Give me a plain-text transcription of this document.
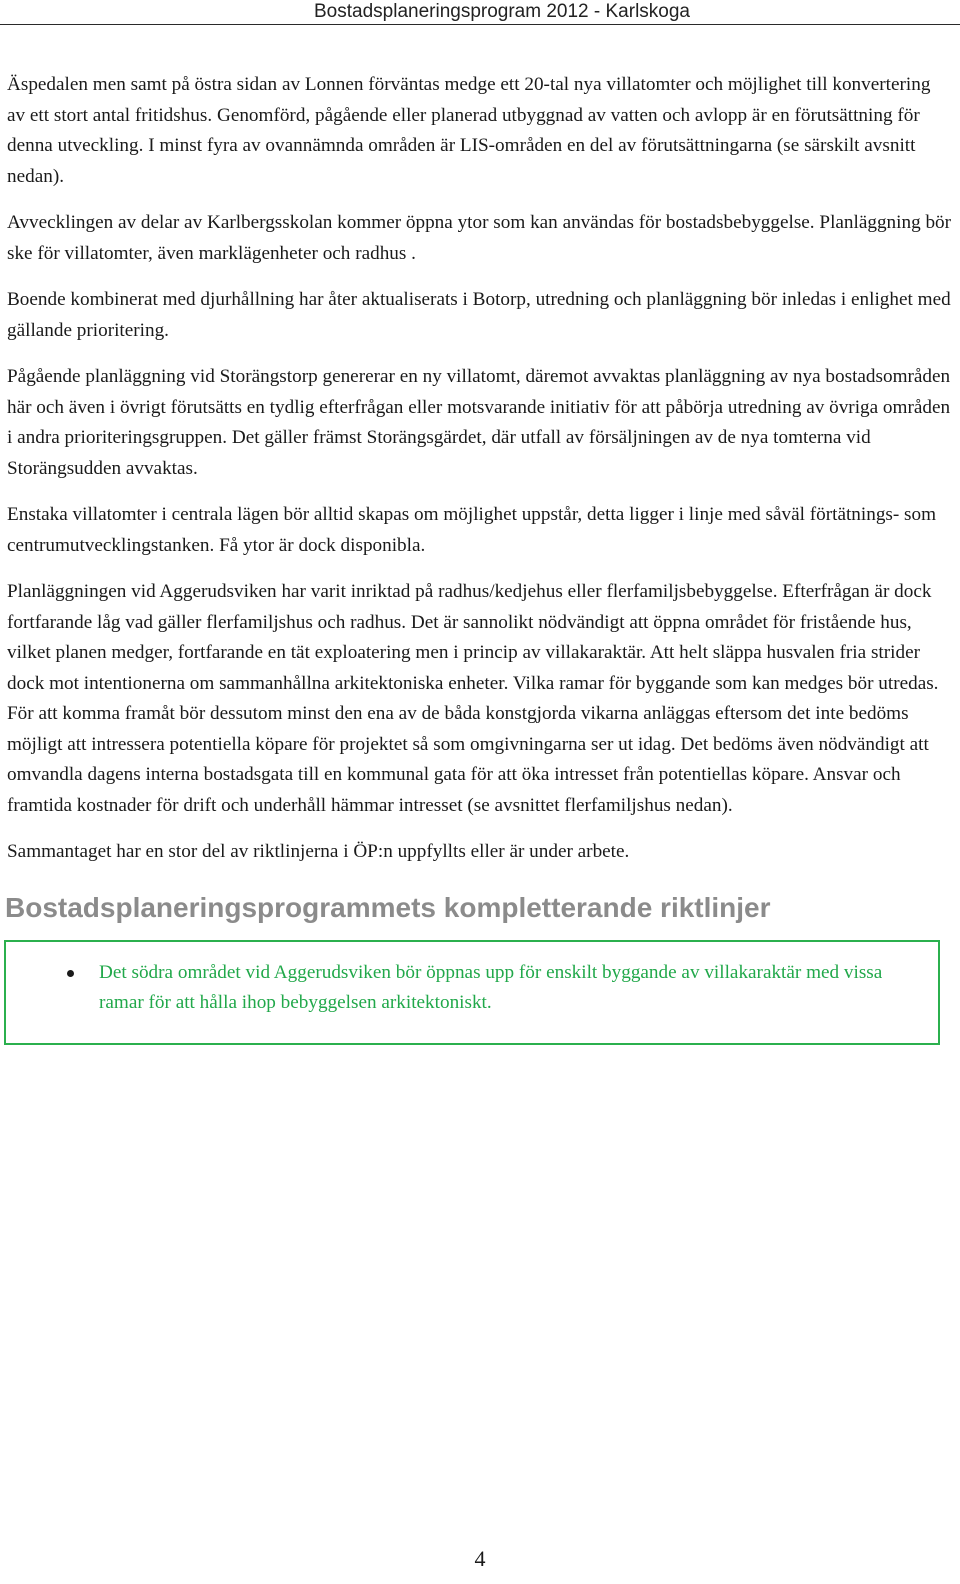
Bostadsplaneringsprogram 2012 - Karlskoga

Äspedalen men samt på östra sidan av Lonnen förväntas medge ett 20-tal nya villatomter och möjlighet till konvertering av ett stort antal fritidshus. Genomförd, pågående eller planerad utbyggnad av vatten och avlopp är en förutsättning för denna utveckling. I minst fyra av ovannämnda områden är LIS-områden en del av förutsättningarna (se särskilt avsnitt nedan).

Avvecklingen av delar av Karlbergsskolan kommer öppna ytor som kan användas för bostadsbebyggelse. Planläggning bör ske för villatomter, även marklägenheter och radhus .

Boende kombinerat med djurhållning har åter aktualiserats i Botorp, utredning och planläggning bör inledas i enlighet med gällande prioritering.

Pågående planläggning vid Storängstorp genererar en ny villatomt, däremot avvaktas planläggning av nya bostadsområden här och även i övrigt förutsätts en tydlig efterfrågan eller motsvarande initiativ för att påbörja utredning av övriga områden i andra prioriteringsgruppen. Det gäller främst Storängsgärdet, där utfall av försäljningen av de nya tomterna vid Storängsudden avvaktas.

Enstaka villatomter i centrala lägen bör alltid skapas om möjlighet uppstår, detta ligger i linje med såväl förtätnings- som centrumutvecklingstanken. Få ytor är dock disponibla.

Planläggningen vid Aggerudsviken har varit inriktad på radhus/kedjehus eller flerfamiljsbebyggelse. Efterfrågan är dock fortfarande låg vad gäller flerfamiljshus och radhus. Det är sannolikt nödvändigt att öppna området för fristående hus, vilket planen medger, fortfarande en tät exploatering men i princip av villakaraktär. Att helt släppa husvalen fria strider dock mot intentionerna om sammanhållna arkitektoniska enheter. Vilka ramar för byggande som kan medges bör utredas. För att komma framåt bör dessutom minst den ena av de båda konstgjorda vikarna anläggas eftersom det inte bedöms möjligt att intressera potentiella köpare för projektet så som omgivningarna ser ut idag. Det bedöms även nödvändigt att omvandla dagens interna bostadsgata till en kommunal gata för att öka intresset från potentiellas köpare. Ansvar och framtida kostnader för drift och underhåll hämmar intresset (se avsnittet flerfamiljshus nedan).

Sammantaget har en stor del av riktlinjerna i ÖP:n uppfyllts eller är under arbete.

Bostadsplaneringsprogrammets kompletterande riktlinjer
Det södra området vid Aggerudsviken bör öppnas upp för enskilt byggande av villakaraktär med vissa ramar för att hålla ihop bebyggelsen arkitektoniskt.
4
